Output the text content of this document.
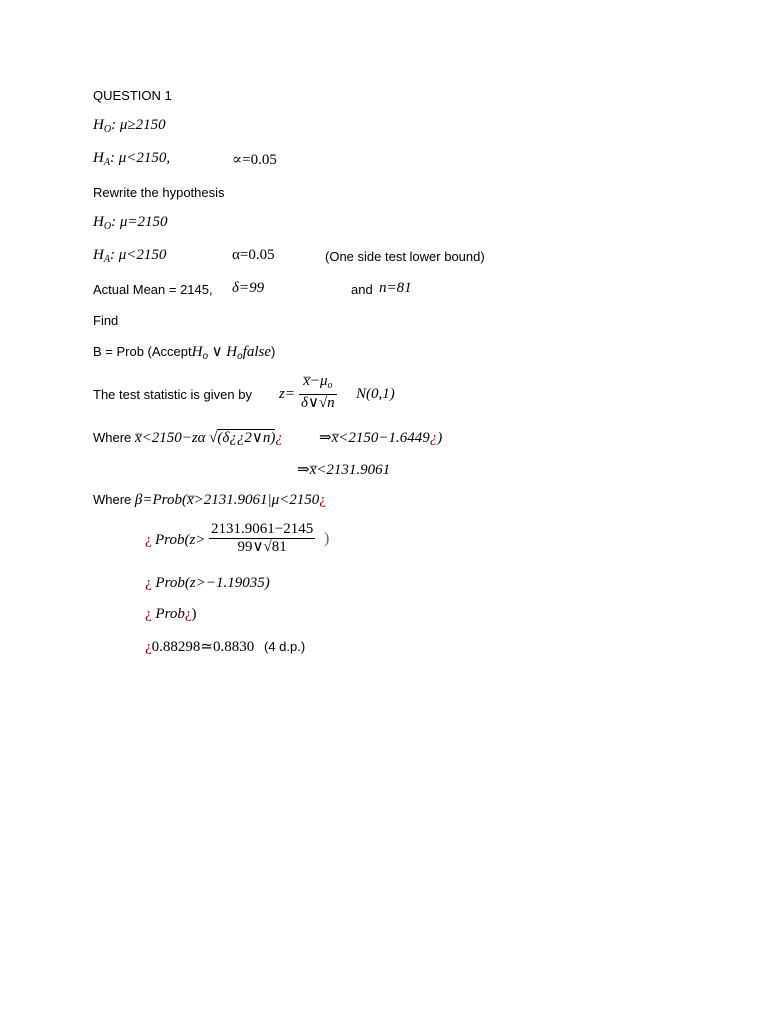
QUESTION 1
$H_O$: μ≥2150
$H_A$: μ<2150,	∝=0.05
Rewrite the hypothesis
$H_O$: μ=2150
$H_A$: μ<2150	α=0.05	(One side test lower bound)
Actual Mean = 2145, δ=99	and n=81
Find
B = Prob (AcceptH$_o$ ∨ $H_ofalse$)
The test statistic is given by $z= \frac{x̅-\mu_o}{\delta\vee√n} N(0,1)$
Where x̅<2150−zα √(δ¿¿2∨n)¿ ⇒x̅<2150−1.6449¿)
⇒x̅<2131.9061
Where β=Prob(x̅>2131.9061|μ<2150¿
¿ Prob(z> $\frac{2131.9061-2145}{99\vee√81}$ )
¿ Prob(z>−1.19035)
¿ Prob¿)
¿0.88298≃0.8830 (4 d.p.)
